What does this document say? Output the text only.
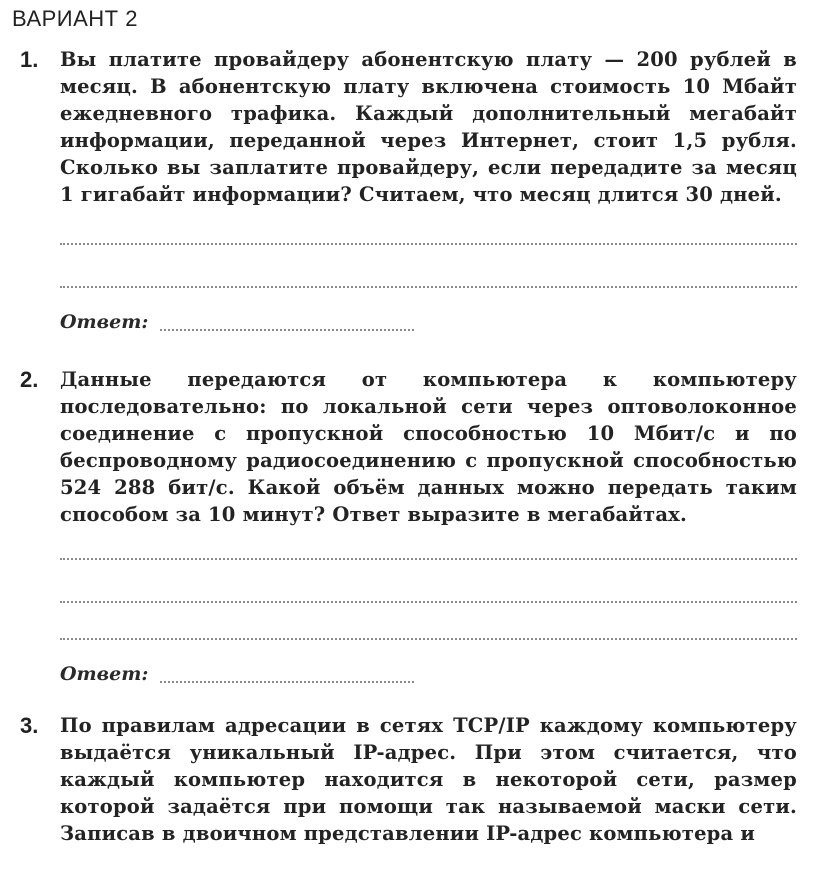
ВАРИАНТ 2
1. Вы платите провайдеру абонентскую плату — 200 рублей в месяц. В абонентскую плату включена стоимость 10 Мбайт ежедневного трафика. Каждый дополнительный мегабайт информации, переданной через Интернет, стоит 1,5 рубля. Сколько вы заплатите провайдеру, если передадите за месяц 1 гигабайт информации? Считаем, что месяц длится 30 дней.

Ответ:
2. Данные передаются от компьютера к компьютеру последовательно: по локальной сети через оптоволоконное соединение с пропускной способностью 10 Мбит/с и по беспроводному радиосоединению с пропускной способностью 524 288 бит/с. Какой объём данных можно передать таким способом за 10 минут? Ответ выразите в мегабайтах.

Ответ:
3. По правилам адресации в сетях TCP/IP каждому компьютеру выдаётся уникальный IP-адрес. При этом считается, что каждый компьютер находится в некоторой сети, размер которой задаётся при помощи так называемой маски сети. Записав в двоичном представлении IP-адрес компьютера и
